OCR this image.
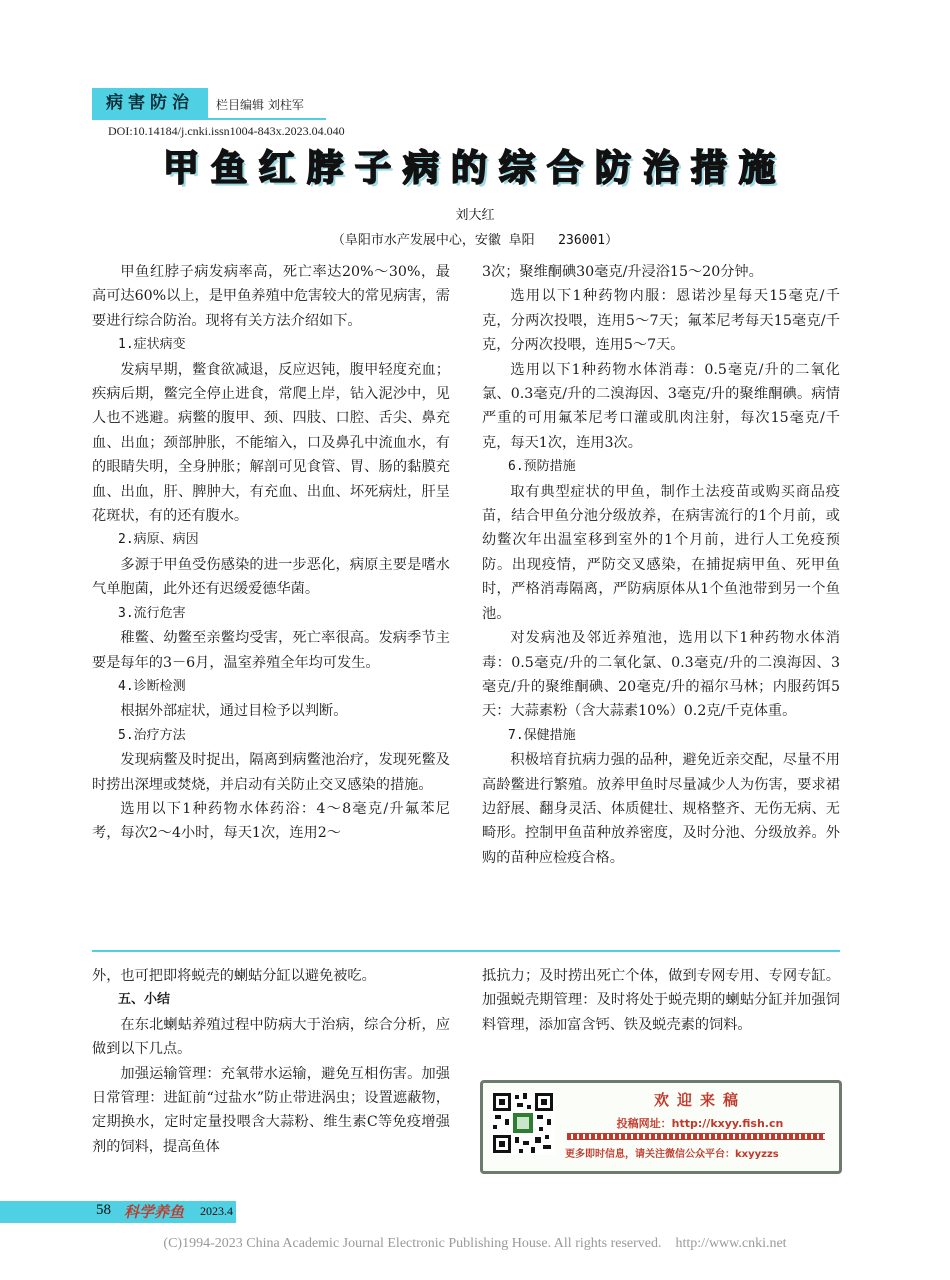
病害防治	栏目编辑 刘柱军
DOI:10.14184/j.cnki.issn1004-843x.2023.04.040
甲鱼红脖子病的综合防治措施
刘大红
（阜阳市水产发展中心，安徽 阜阳   236001）

甲鱼红脖子病发病率高，死亡率达20%～30%，最高可达60%以上，是甲鱼养殖中危害较大的常见病害，需要进行综合防治。现将有关方法介绍如下。

1.症状病变

发病早期，鳖食欲减退，反应迟钝，腹甲轻度充血；疾病后期，鳖完全停止进食，常爬上岸，钻入泥沙中，见人也不逃避。病鳖的腹甲、颈、四肢、口腔、舌尖、鼻充血、出血；颈部肿胀，不能缩入，口及鼻孔中流血水，有的眼睛失明，全身肿胀；解剖可见食管、胃、肠的黏膜充血、出血，肝、脾肿大，有充血、出血、坏死病灶，肝呈花斑状，有的还有腹水。

2.病原、病因

多源于甲鱼受伤感染的进一步恶化，病原主要是嗜水气单胞菌，此外还有迟缓爱德华菌。

3.流行危害

稚鳖、幼鳖至亲鳖均受害，死亡率很高。发病季节主要是每年的3－6月，温室养殖全年均可发生。

4.诊断检测

根据外部症状，通过目检予以判断。

5.治疗方法

发现病鳖及时捉出，隔离到病鳖池治疗，发现死鳖及时捞出深埋或焚烧，并启动有关防止交叉感染的措施。

选用以下1种药物水体药浴：4～8毫克/升氟苯尼考，每次2～4小时，每天1次，连用2～

3次；聚维酮碘30毫克/升浸浴15～20分钟。

选用以下1种药物内服：恩诺沙星每天15毫克/千克，分两次投喂，连用5～7天；氟苯尼考每天15毫克/千克，分两次投喂，连用5～7天。

选用以下1种药物水体消毒：0.5毫克/升的二氧化氯、0.3毫克/升的二溴海因、3毫克/升的聚维酮碘。病情严重的可用氟苯尼考口灌或肌肉注射，每次15毫克/千克，每天1次，连用3次。

6.预防措施

取有典型症状的甲鱼，制作土法疫苗或购买商品疫苗，结合甲鱼分池分级放养，在病害流行的1个月前，或幼鳖次年出温室移到室外的1个月前，进行人工免疫预防。出现疫情，严防交叉感染，在捕捉病甲鱼、死甲鱼时，严格消毒隔离，严防病原体从1个鱼池带到另一个鱼池。

对发病池及邻近养殖池，选用以下1种药物水体消毒：0.5毫克/升的二氧化氯、0.3毫克/升的二溴海因、3毫克/升的聚维酮碘、20毫克/升的福尔马林；内服药饵5天：大蒜素粉（含大蒜素10%）0.2克/千克体重。

7.保健措施

积极培育抗病力强的品种，避免近亲交配，尽量不用高龄鳖进行繁殖。放养甲鱼时尽量减少人为伤害，要求裙边舒展、翻身灵活、体质健壮、规格整齐、无伤无病、无畸形。控制甲鱼苗种放养密度，及时分池、分级放养。外购的苗种应检疫合格。

外，也可把即将蜕壳的蝲蛄分缸以避免被吃。

五、小结

在东北蝲蛄养殖过程中防病大于治病，综合分析，应做到以下几点。

加强运输管理：充氧带水运输，避免互相伤害。加强日常管理：进缸前“过盐水”防止带进涡虫；设置遮蔽物，定期换水，定时定量投喂含大蒜粉、维生素C等免疫增强剂的饲料，提高鱼体

抵抗力；及时捞出死亡个体，做到专网专用、专网专缸。加强蜕壳期管理：及时将处于蜕壳期的蝲蛄分缸并加强饲料管理，添加富含钙、铁及蜕壳素的饲料。

欢迎来稿
投稿网址：http://kxyy.fish.cn
更多即时信息，请关注微信公众平台：kxyyzzs
58 科学养鱼 2023.4
(C)1994-2023 China Academic Journal Electronic Publishing House. All rights reserved.    http://www.cnki.net
